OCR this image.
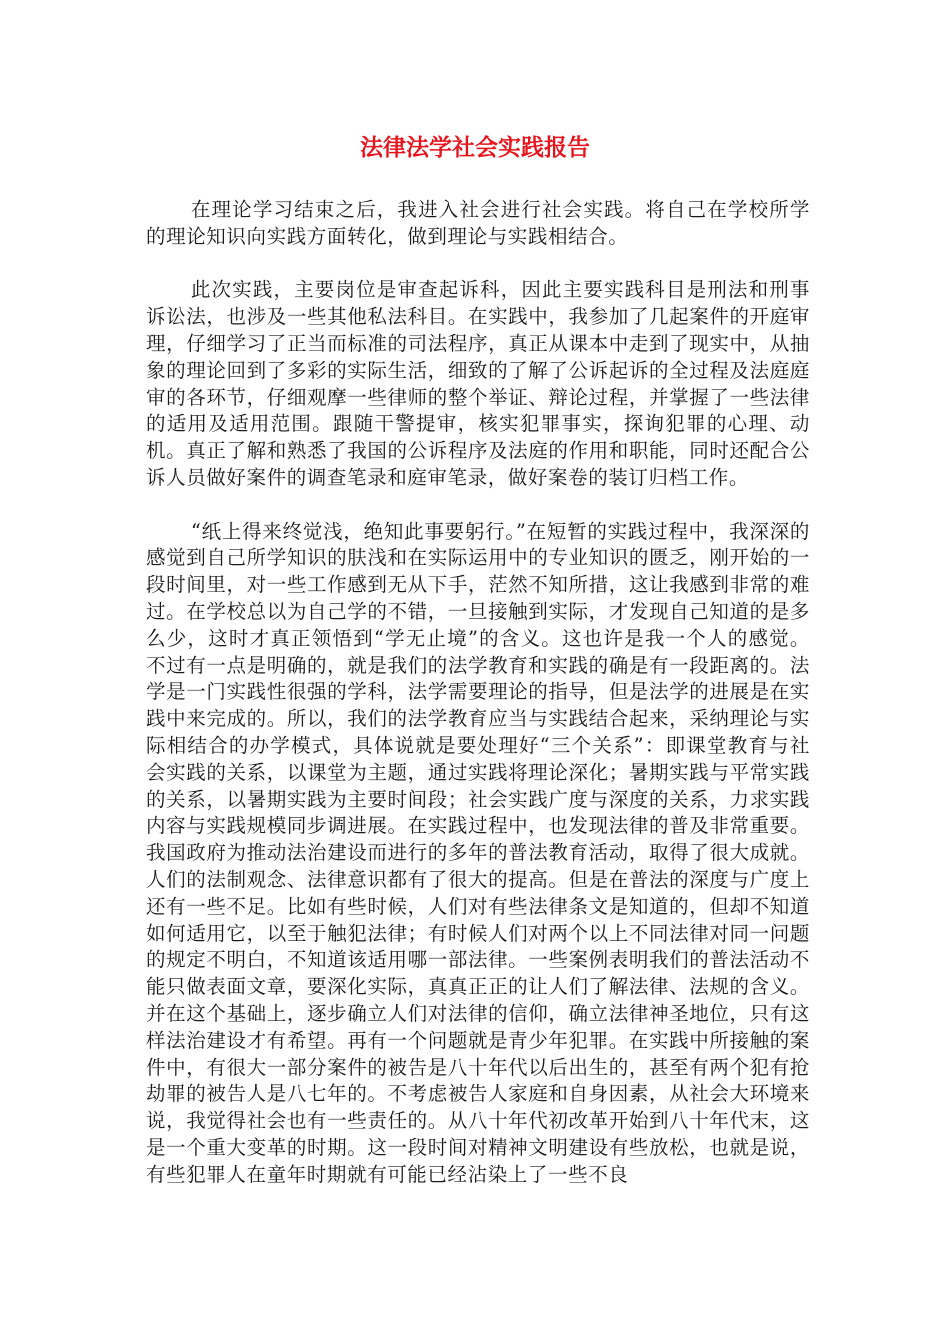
法律法学社会实践报告

在理论学习结束之后，我进入社会进行社会实践。将自己在学校所学的理论知识向实践方面转化，做到理论与实践相结合。

此次实践，主要岗位是审查起诉科，因此主要实践科目是刑法和刑事诉讼法，也涉及一些其他私法科目。在实践中，我参加了几起案件的开庭审理，仔细学习了正当而标准的司法程序，真正从课本中走到了现实中，从抽象的理论回到了多彩的实际生活，细致的了解了公诉起诉的全过程及法庭庭审的各环节，仔细观摩一些律师的整个举证、辩论过程，并掌握了一些法律的适用及适用范围。跟随干警提审，核实犯罪事实，探询犯罪的心理、动机。真正了解和熟悉了我国的公诉程序及法庭的作用和职能，同时还配合公诉人员做好案件的调查笔录和庭审笔录，做好案卷的装订归档工作。

“纸上得来终觉浅，绝知此事要躬行。”在短暂的实践过程中，我深深的感觉到自己所学知识的肤浅和在实际运用中的专业知识的匮乏，刚开始的一段时间里，对一些工作感到无从下手，茫然不知所措，这让我感到非常的难过。在学校总以为自己学的不错，一旦接触到实际，才发现自己知道的是多么少，这时才真正领悟到“学无止境”的含义。这也许是我一个人的感觉。不过有一点是明确的，就是我们的法学教育和实践的确是有一段距离的。法学是一门实践性很强的学科，法学需要理论的指导，但是法学的进展是在实践中来完成的。所以，我们的法学教育应当与实践结合起来，采纳理论与实际相结合的办学模式，具体说就是要处理好“三个关系”：即课堂教育与社会实践的关系，以课堂为主题，通过实践将理论深化；暑期实践与平常实践的关系，以暑期实践为主要时间段；社会实践广度与深度的关系，力求实践内容与实践规模同步调进展。在实践过程中，也发现法律的普及非常重要。我国政府为推动法治建设而进行的多年的普法教育活动，取得了很大成就。人们的法制观念、法律意识都有了很大的提高。但是在普法的深度与广度上还有一些不足。比如有些时候，人们对有些法律条文是知道的，但却不知道如何适用它，以至于触犯法律；有时候人们对两个以上不同法律对同一问题的规定不明白，不知道该适用哪一部法律。一些案例表明我们的普法活动不能只做表面文章，要深化实际，真真正正的让人们了解法律、法规的含义。并在这个基础上，逐步确立人们对法律的信仰，确立法律神圣地位，只有这样法治建设才有希望。再有一个问题就是青少年犯罪。在实践中所接触的案件中，有很大一部分案件的被告是八十年代以后出生的，甚至有两个犯有抢劫罪的被告人是八七年的。不考虑被告人家庭和自身因素，从社会大环境来说，我觉得社会也有一些责任的。从八十年代初改革开始到八十年代末，这是一个重大变革的时期。这一段时间对精神文明建设有些放松，也就是说，有些犯罪人在童年时期就有可能已经沾染上了一些不良
